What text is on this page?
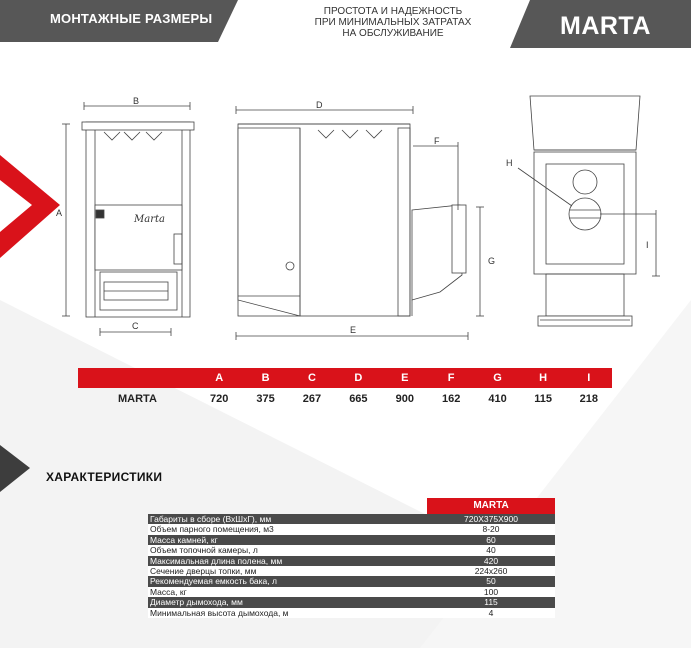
МОНТАЖНЫЕ РАЗМЕРЫ	ПРОСТОТА И НАДЕЖНОСТЬ
ПРИ МИНИМАЛЬНЫХ ЗАТРАТАХ
НА ОБСЛУЖИВАНИЕ	MARTA
B
A
Marta
C
D
F
G
E
H
I
	A	B	C	D	E	F	G	H	I
MARTA	720	375	267	665	900	162	410	115	218
ХАРАКТЕРИСТИКИ
	MARTA
Габариты в сборе (ВхШхГ), мм	720Х375Х900
Объем парного помещения, м3	8-20
Масса камней, кг	60
Объем топочной камеры, л	40
Максимальная длина полена, мм	420
Сечение дверцы топки, мм	224x260
Рекомендуемая емкость бака, л	50
Масса, кг	100
Диаметр дымохода, мм	115
Минимальная высота дымохода, м	4
